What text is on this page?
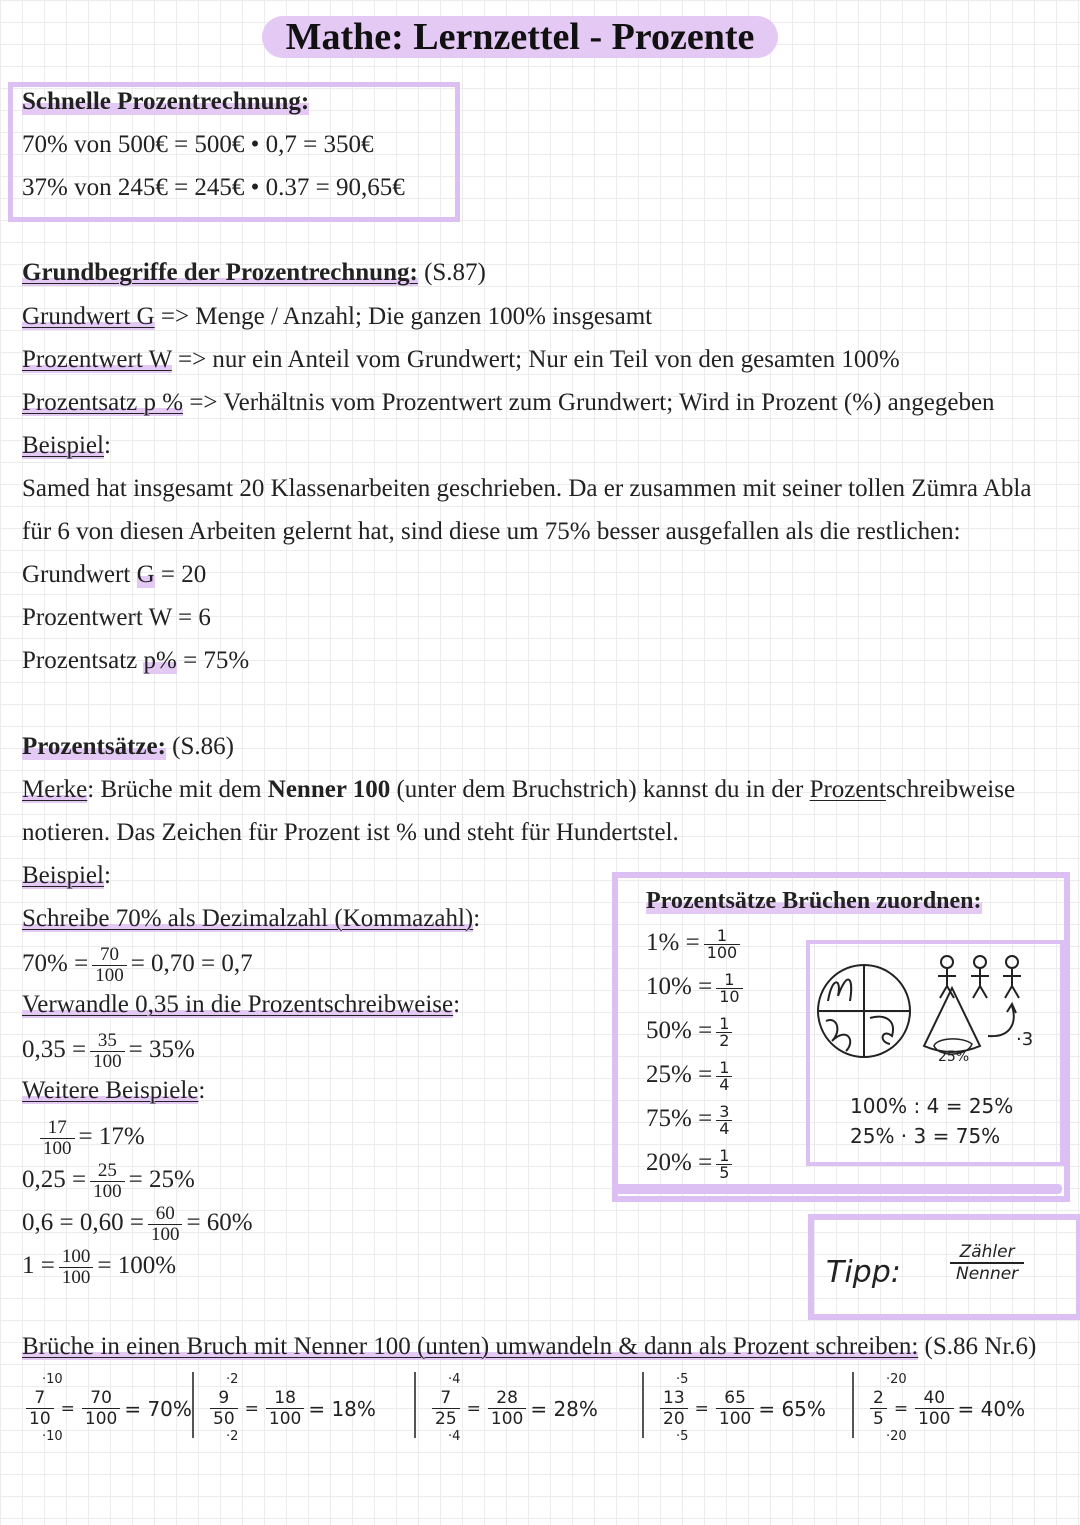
Mathe: Lernzettel - Prozente
Schnelle Prozentrechnung:
70% von 500€ = 500€ • 0,7 = 350€
37% von 245€ = 245€ • 0.37 = 90,65€
Grundbegriffe der Prozentrechnung: (S.87)
Grundwert G => Menge / Anzahl; Die ganzen 100% insgesamt
Prozentwert W => nur ein Anteil vom Grundwert; Nur ein Teil von den gesamten 100%
Prozentsatz p % => Verhältnis vom Prozentwert zum Grundwert; Wird in Prozent (%) angegeben
Beispiel:
Samed hat insgesamt 20 Klassenarbeiten geschrieben. Da er zusammen mit seiner tollen Zümra Abla
für 6 von diesen Arbeiten gelernt hat, sind diese um 75% besser ausgefallen als die restlichen:
Grundwert G = 20
Prozentwert W = 6
Prozentsatz p% = 75%
Prozentsätze: (S.86)
Merke: Brüche mit dem Nenner 100 (unter dem Bruchstrich) kannst du in der Prozentschreibweise
notieren. Das Zeichen für Prozent ist % und steht für Hundertstel.
Beispiel:
Schreibe 70% als Dezimalzahl (Kommazahl):
$70\% = \frac{70}{100} = 0,70 = 0,7$
Verwandle 0,35 in die Prozentschreibweise:
$0,35 = \frac{35}{100} = 35\%$
Weitere Beispiele:
$\frac{17}{100} = 17\%$
$0,25 = \frac{25}{100} = 25\%$
$0,6 = 0,60 = \frac{60}{100} = 60\%$
$1 = \frac{100}{100} = 100\%$
Prozentsätze Brüchen zuordnen:
$1\% = \frac{1}{100}$
$10\% = \frac{1}{10}$
$50\% = \frac{1}{2}$
$25\% = \frac{1}{4}$
$75\% = \frac{3}{4}$
$20\% = \frac{1}{5}$
25%
·3
100% : 4 = 25%
25% · 3 = 75%
Tipp:
Zähler
Nenner
Brüche in einen Bruch mit Nenner 100 (unten) umwandeln & dann als Prozent schreiben: (S.86 Nr.6)
·10
$\frac{7}{10} = \frac{70}{100} = 70\%$
·10
·2
$\frac{9}{50} = \frac{18}{100} = 18\%$
·2
·4
$\frac{7}{25} = \frac{28}{100} = 28\%$
·4
·5
$\frac{13}{20} = \frac{65}{100} = 65\%$
·5
·20
$\frac{2}{5} = \frac{40}{100} = 40\%$
·20
